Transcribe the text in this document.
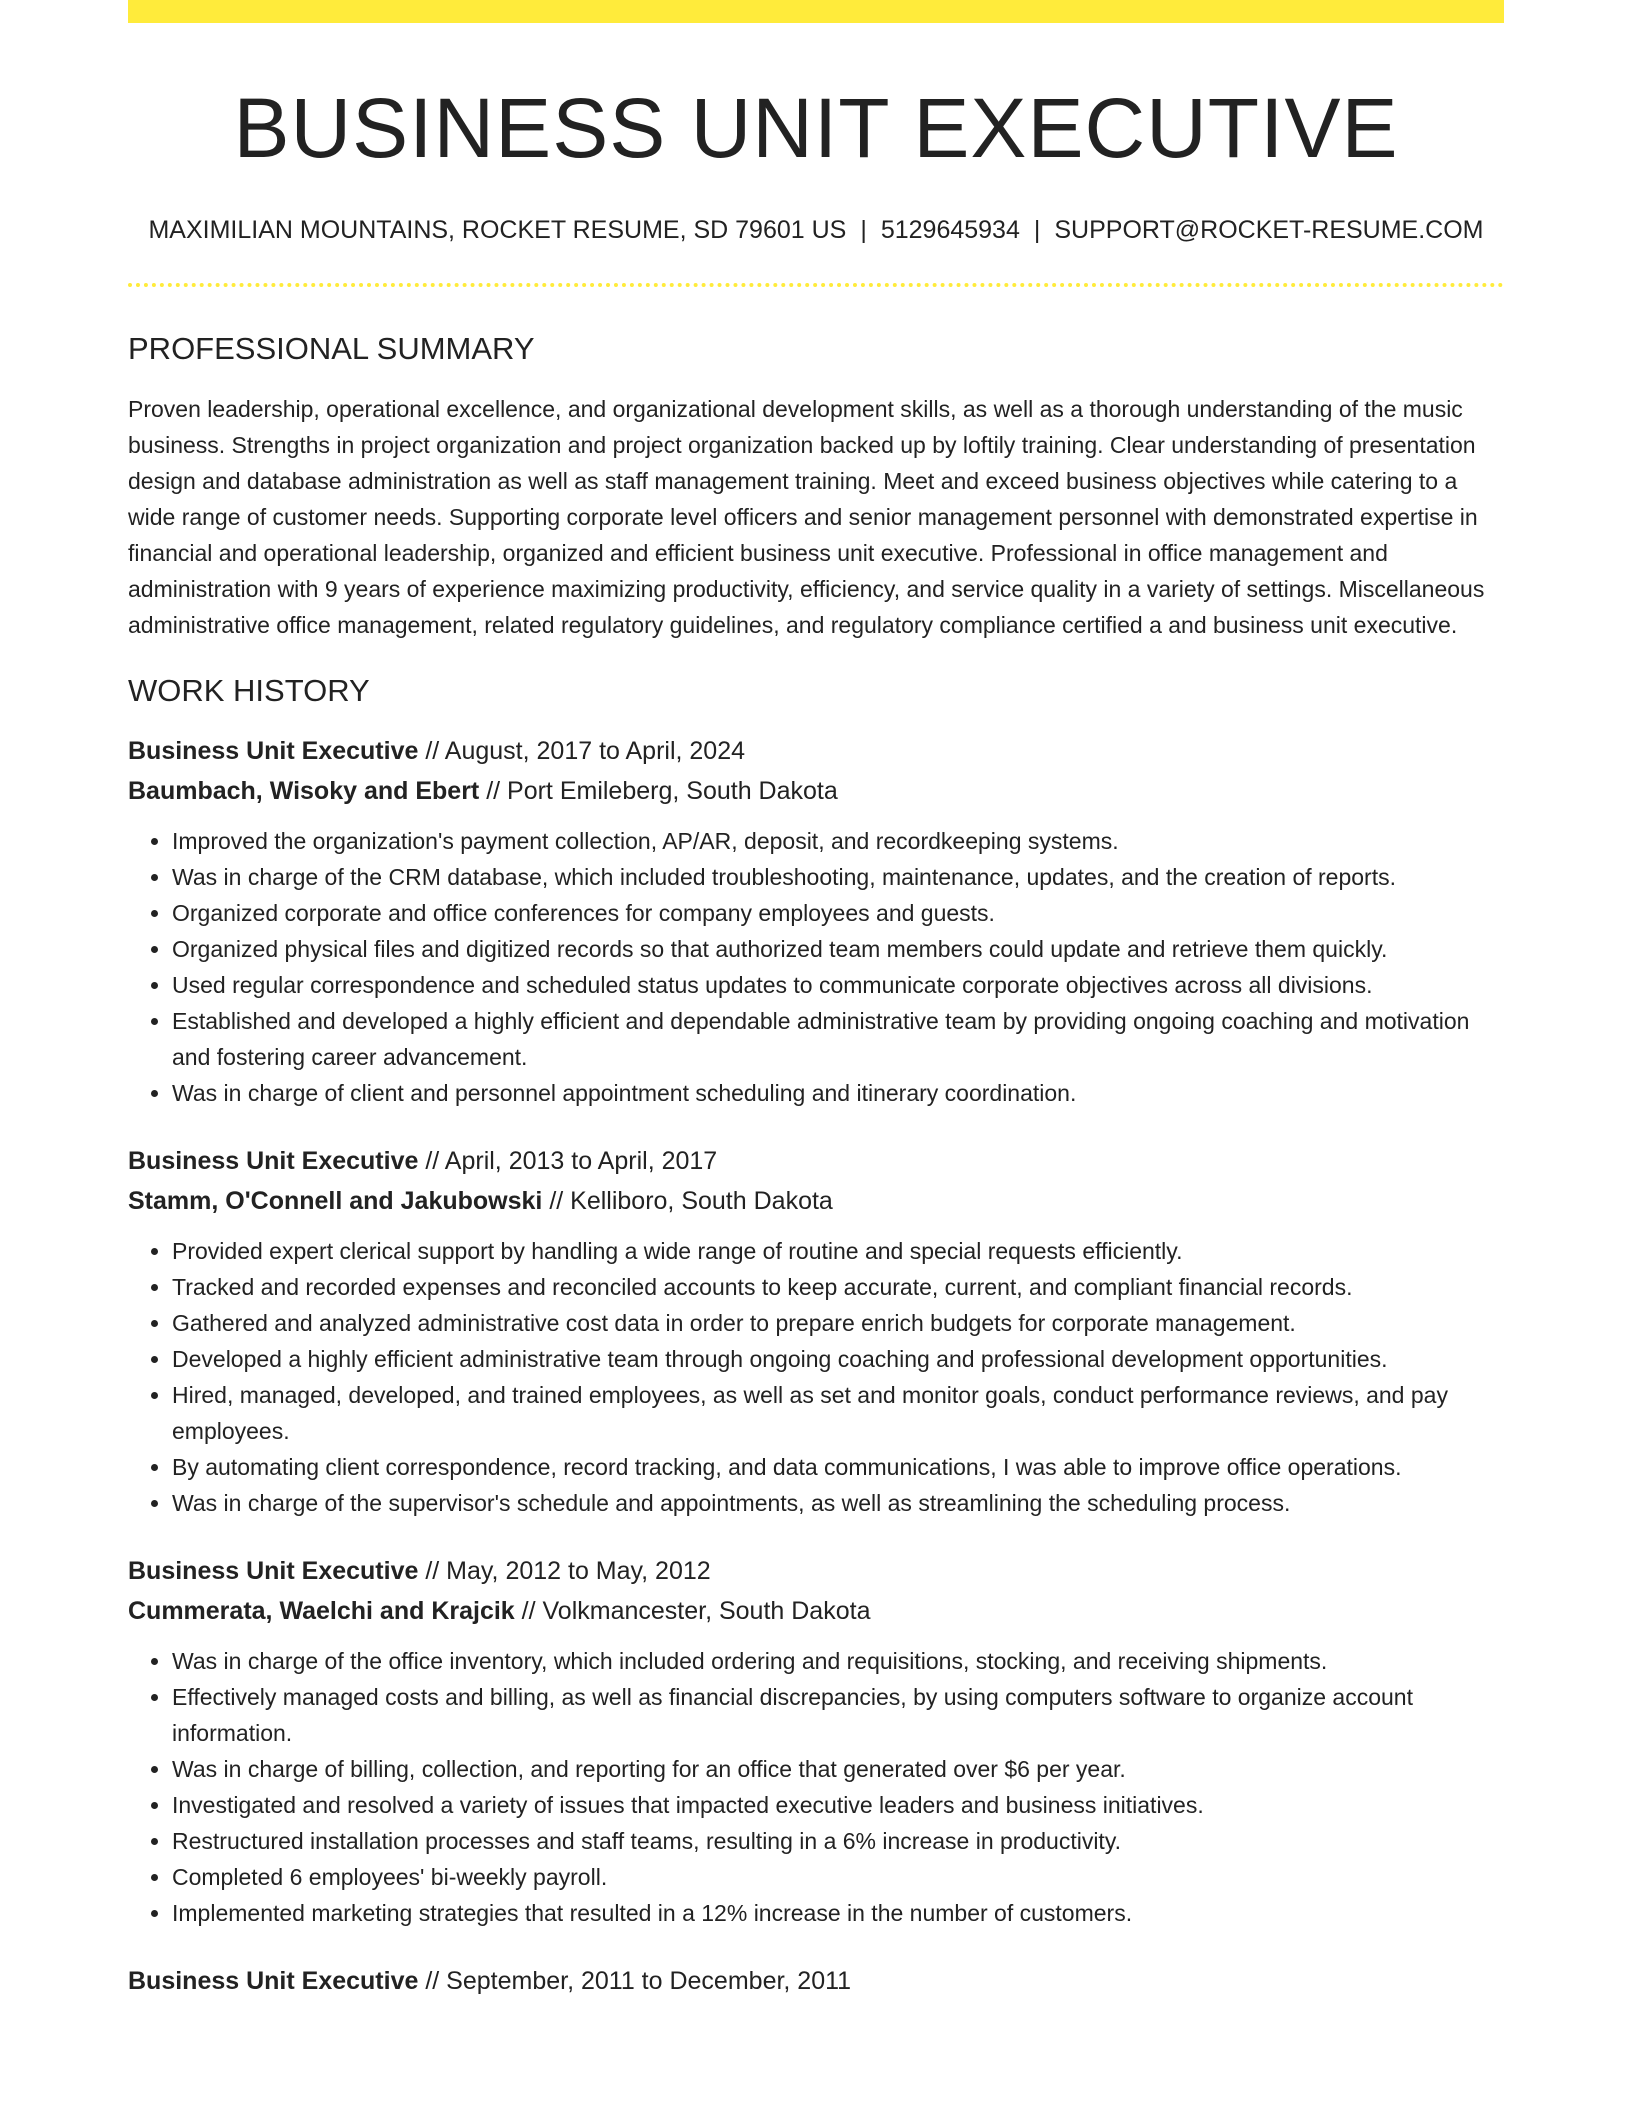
BUSINESS UNIT EXECUTIVE
MAXIMILIAN MOUNTAINS, ROCKET RESUME, SD 79601 US | 5129645934 | SUPPORT@ROCKET-RESUME.COM
PROFESSIONAL SUMMARY

Proven leadership, operational excellence, and organizational development skills, as well as a thorough understanding of the music business. Strengths in project organization and project organization backed up by loftily training. Clear understanding of presentation design and database administration as well as staff management training. Meet and exceed business objectives while catering to a wide range of customer needs. Supporting corporate level officers and senior management personnel with demonstrated expertise in financial and operational leadership, organized and efficient business unit executive. Professional in office management and administration with 9 years of experience maximizing productivity, efficiency, and service quality in a variety of settings. Miscellaneous administrative office management, related regulatory guidelines, and regulatory compliance certified a and business unit executive.

WORK HISTORY
Business Unit Executive // August, 2017 to April, 2024
Baumbach, Wisoky and Ebert // Port Emileberg, South Dakota
• Improved the organization's payment collection, AP/AR, deposit, and recordkeeping systems.
• Was in charge of the CRM database, which included troubleshooting, maintenance, updates, and the creation of reports.
• Organized corporate and office conferences for company employees and guests.
• Organized physical files and digitized records so that authorized team members could update and retrieve them quickly.
• Used regular correspondence and scheduled status updates to communicate corporate objectives across all divisions.
• Established and developed a highly efficient and dependable administrative team by providing ongoing coaching and motivation and fostering career advancement.
• Was in charge of client and personnel appointment scheduling and itinerary coordination.
Business Unit Executive // April, 2013 to April, 2017
Stamm, O'Connell and Jakubowski // Kelliboro, South Dakota
• Provided expert clerical support by handling a wide range of routine and special requests efficiently.
• Tracked and recorded expenses and reconciled accounts to keep accurate, current, and compliant financial records.
• Gathered and analyzed administrative cost data in order to prepare enrich budgets for corporate management.
• Developed a highly efficient administrative team through ongoing coaching and professional development opportunities.
• Hired, managed, developed, and trained employees, as well as set and monitor goals, conduct performance reviews, and pay employees.
• By automating client correspondence, record tracking, and data communications, I was able to improve office operations.
• Was in charge of the supervisor's schedule and appointments, as well as streamlining the scheduling process.
Business Unit Executive // May, 2012 to May, 2012
Cummerata, Waelchi and Krajcik // Volkmancester, South Dakota
• Was in charge of the office inventory, which included ordering and requisitions, stocking, and receiving shipments.
• Effectively managed costs and billing, as well as financial discrepancies, by using computers software to organize account information.
• Was in charge of billing, collection, and reporting for an office that generated over $6 per year.
• Investigated and resolved a variety of issues that impacted executive leaders and business initiatives.
• Restructured installation processes and staff teams, resulting in a 6% increase in productivity.
• Completed 6 employees' bi-weekly payroll.
• Implemented marketing strategies that resulted in a 12% increase in the number of customers.
Business Unit Executive // September, 2011 to December, 2011
